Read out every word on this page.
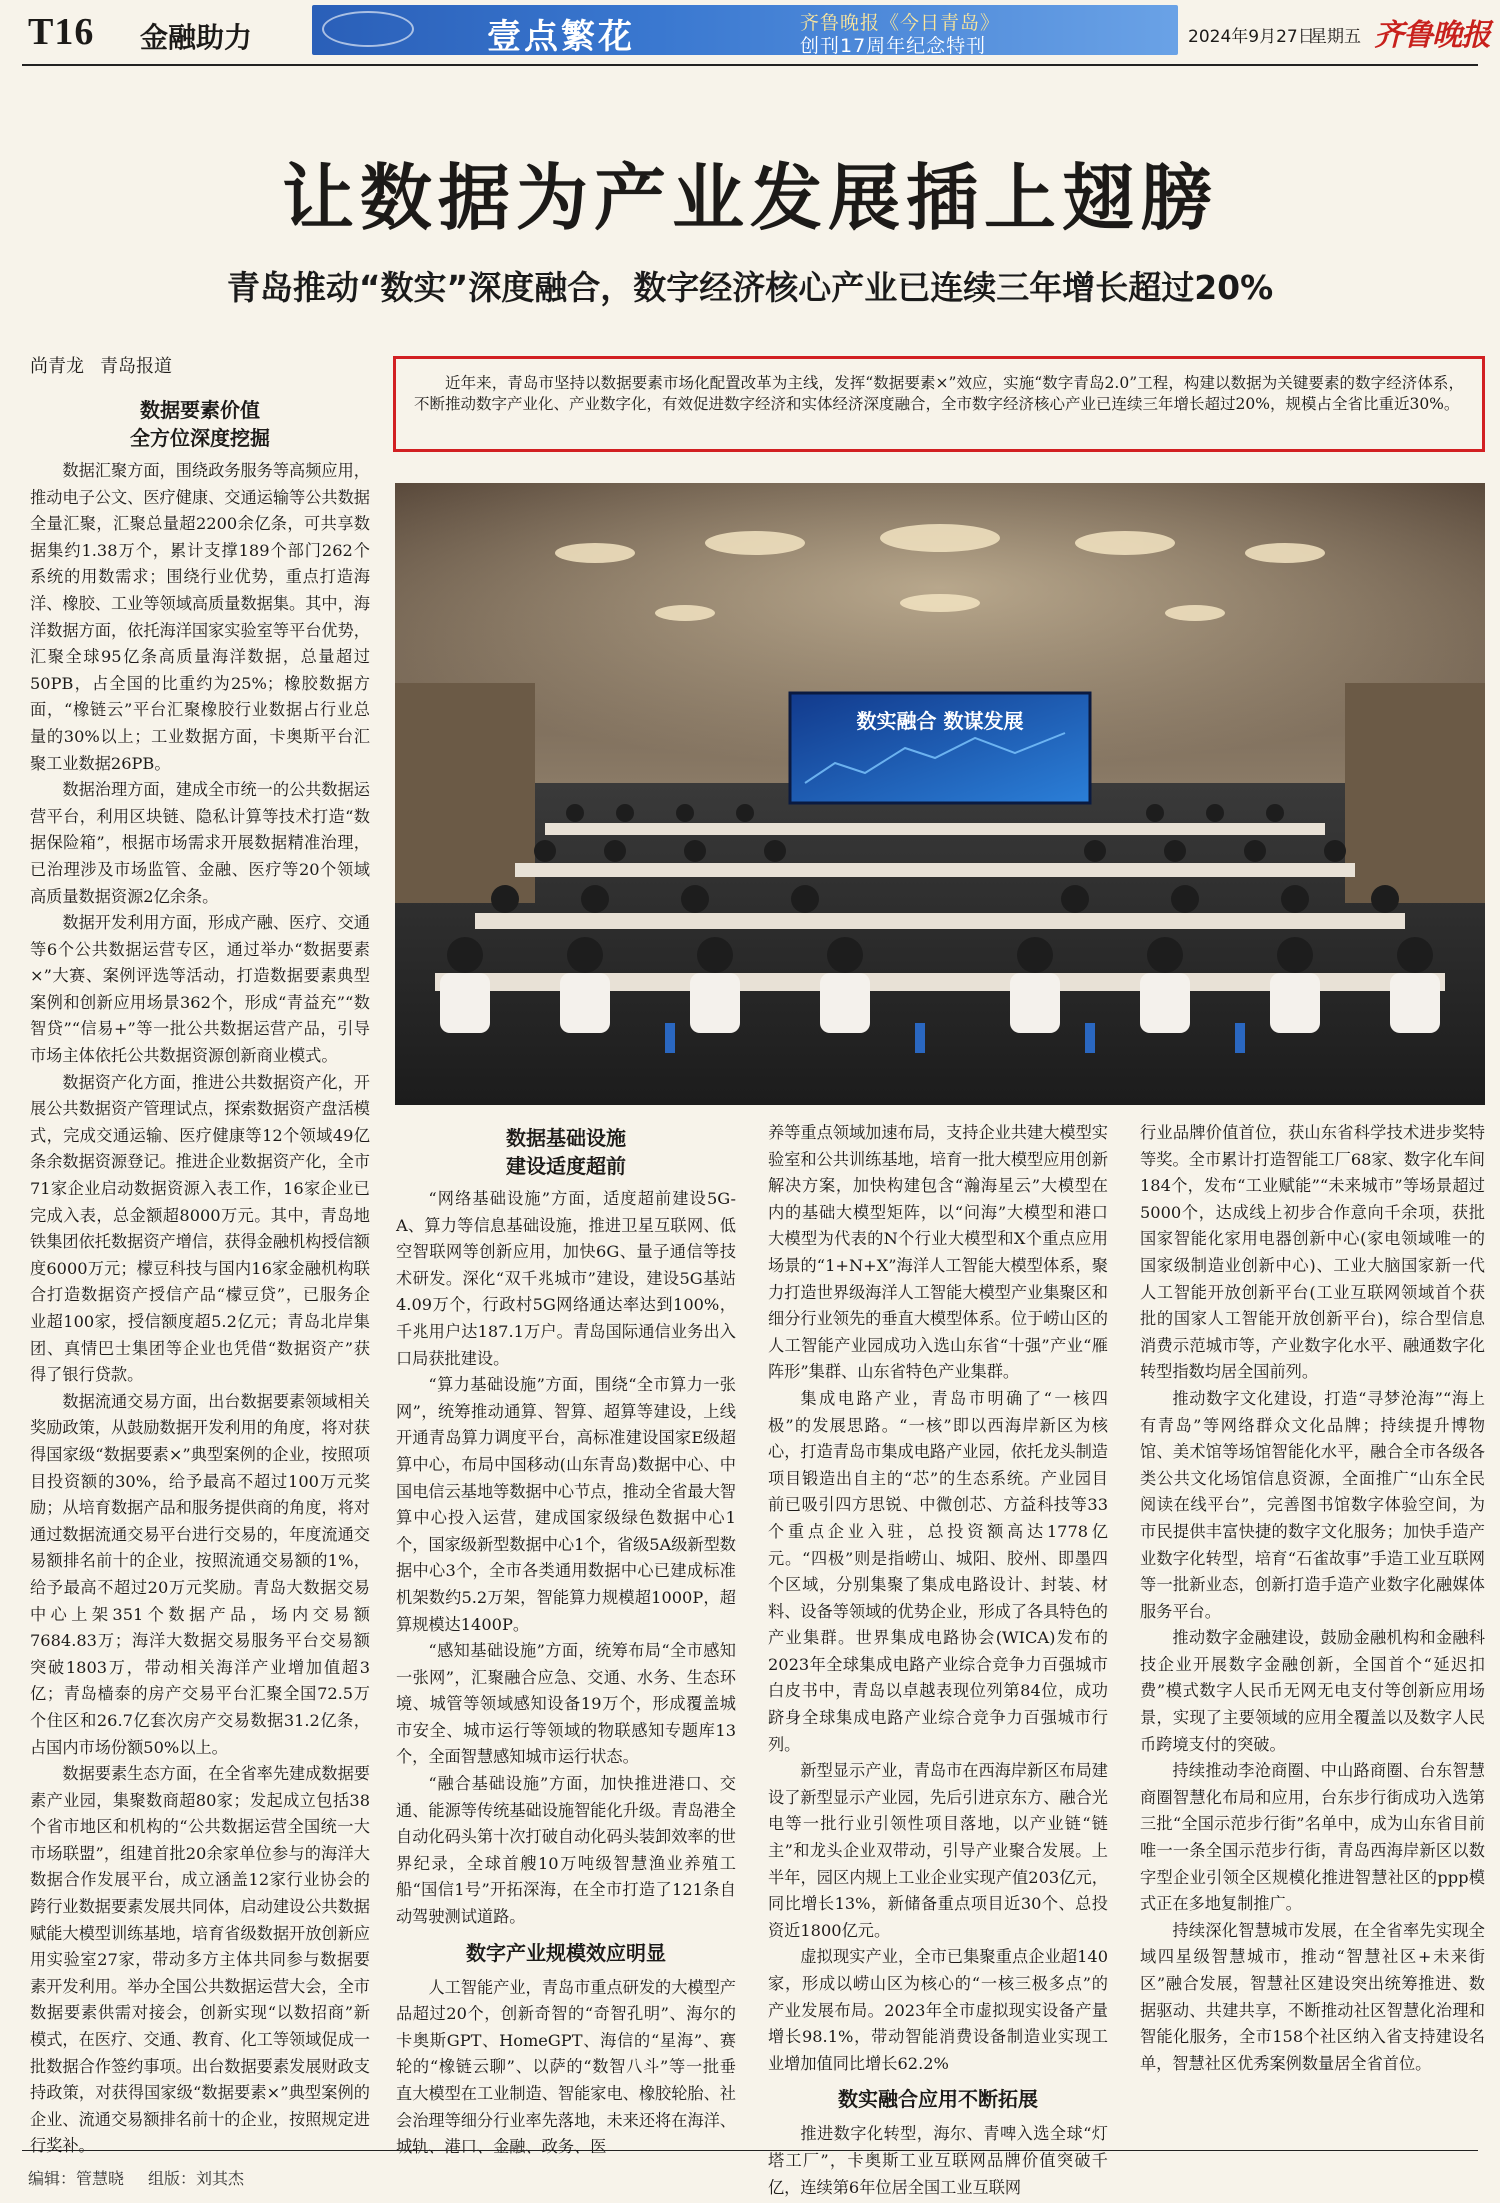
T16 金融助力	壹点繁花	齐鲁晚报《今日青岛》
创刊17周年纪念特刊	2024年9月27日
星期五 齐鲁晚报
让数据为产业发展插上翅膀
青岛推动“数实”深度融合，数字经济核心产业已连续三年增长超过20%
尚青龙 青岛报道
近年来，青岛市坚持以数据要素市场化配置改革为主线，发挥“数据要素×”效应，实施“数字青岛2.0”工程，构建以数据为关键要素的数字经济体系，不断推动数字产业化、产业数字化，有效促进数字经济和实体经济深度融合，全市数字经济核心产业已连续三年增长超过20%，规模占全省比重近30%。
数实融合 数谋发展
数据要素价值
全方位深度挖掘

数据汇聚方面，围绕政务服务等高频应用，推动电子公文、医疗健康、交通运输等公共数据全量汇聚，汇聚总量超2200余亿条，可共享数据集约1.38万个，累计支撑189个部门262个系统的用数需求；围绕行业优势，重点打造海洋、橡胶、工业等领域高质量数据集。其中，海洋数据方面，依托海洋国家实验室等平台优势，汇聚全球95亿条高质量海洋数据，总量超过50PB，占全国的比重约为25%；橡胶数据方面，“橡链云”平台汇聚橡胶行业数据占行业总量的30%以上；工业数据方面，卡奥斯平台汇聚工业数据26PB。

数据治理方面，建成全市统一的公共数据运营平台，利用区块链、隐私计算等技术打造“数据保险箱”，根据市场需求开展数据精准治理，已治理涉及市场监管、金融、医疗等20个领域高质量数据资源2亿余条。

数据开发利用方面，形成产融、医疗、交通等6个公共数据运营专区，通过举办“数据要素×”大赛、案例评选等活动，打造数据要素典型案例和创新应用场景362个，形成“青益充”“数智贷”“信易+”等一批公共数据运营产品，引导市场主体依托公共数据资源创新商业模式。

数据资产化方面，推进公共数据资产化，开展公共数据资产管理试点，探索数据资产盘活模式，完成交通运输、医疗健康等12个领域49亿条余数据资源登记。推进企业数据资产化，全市71家企业启动数据资源入表工作，16家企业已完成入表，总金额超8000万元。其中，青岛地铁集团依托数据资产增信，获得金融机构授信额度6000万元；檬豆科技与国内16家金融机构联合打造数据资产授信产品“檬豆贷”，已服务企业超100家，授信额度超5.2亿元；青岛北岸集团、真情巴士集团等企业也凭借“数据资产”获得了银行贷款。

数据流通交易方面，出台数据要素领域相关奖励政策，从鼓励数据开发利用的角度，将对获得国家级“数据要素×”典型案例的企业，按照项目投资额的30%，给予最高不超过100万元奖励；从培育数据产品和服务提供商的角度，将对通过数据流通交易平台进行交易的，年度流通交易额排名前十的企业，按照流通交易额的1%，给予最高不超过20万元奖励。青岛大数据交易中心上架351个数据产品，场内交易额7684.83万；海洋大数据交易服务平台交易额突破1803万，带动相关海洋产业增加值超3亿；青岛樯泰的房产交易平台汇聚全国72.5万个住区和26.7亿套次房产交易数据31.2亿条，占国内市场份额50%以上。

数据要素生态方面，在全省率先建成数据要素产业园，集聚数商超80家；发起成立包括38个省市地区和机构的“公共数据运营全国统一大市场联盟”，组建首批20余家单位参与的海洋大数据合作发展平台，成立涵盖12家行业协会的跨行业数据要素发展共同体，启动建设公共数据赋能大模型训练基地，培育省级数据开放创新应用实验室27家，带动多方主体共同参与数据要素开发利用。举办全国公共数据运营大会，全市数据要素供需对接会，创新实现“以数招商”新模式，在医疗、交通、教育、化工等领域促成一批数据合作签约事项。出台数据要素发展财政支持政策，对获得国家级“数据要素×”典型案例的企业、流通交易额排名前十的企业，按照规定进行奖补。

数据基础设施
建设适度超前

“网络基础设施”方面，适度超前建设5G-A、算力等信息基础设施，推进卫星互联网、低空智联网等创新应用，加快6G、量子通信等技术研发。深化“双千兆城市”建设，建设5G基站4.09万个，行政村5G网络通达率达到100%，千兆用户达187.1万户。青岛国际通信业务出入口局获批建设。

“算力基础设施”方面，围绕“全市算力一张网”，统筹推动通算、智算、超算等建设，上线开通青岛算力调度平台，高标准建设国家E级超算中心，布局中国移动(山东青岛)数据中心、中国电信云基地等数据中心节点，推动全省最大智算中心投入运营，建成国家级绿色数据中心1个，国家级新型数据中心1个，省级5A级新型数据中心3个，全市各类通用数据中心已建成标准机架数约5.2万架，智能算力规模超1000P，超算规模达1400P。

“感知基础设施”方面，统筹布局“全市感知一张网”，汇聚融合应急、交通、水务、生态环境、城管等领域感知设备19万个，形成覆盖城市安全、城市运行等领域的物联感知专题库13个，全面智慧感知城市运行状态。

“融合基础设施”方面，加快推进港口、交通、能源等传统基础设施智能化升级。青岛港全自动化码头第十次打破自动化码头装卸效率的世界纪录，全球首艘10万吨级智慧渔业养殖工船“国信1号”开拓深海，在全市打造了121条自动驾驶测试道路。

数字产业规模效应明显

人工智能产业，青岛市重点研发的大模型产品超过20个，创新奇智的“奇智孔明”、海尔的卡奥斯GPT、HomeGPT、海信的“星海”、赛轮的“橡链云聊”、以萨的“数智八斗”等一批垂直大模型在工业制造、智能家电、橡胶轮胎、社会治理等细分行业率先落地，未来还将在海洋、城轨、港口、金融、政务、医

养等重点领域加速布局，支持企业共建大模型实验室和公共训练基地，培育一批大模型应用创新解决方案，加快构建包含“瀚海星云”大模型在内的基础大模型矩阵，以“问海”大模型和港口大模型为代表的N个行业大模型和X个重点应用场景的“1+N+X”海洋人工智能大模型体系，聚力打造世界级海洋人工智能大模型产业集聚区和细分行业领先的垂直大模型体系。位于崂山区的人工智能产业园成功入选山东省“十强”产业“雁阵形”集群、山东省特色产业集群。

集成电路产业，青岛市明确了“一核四极”的发展思路。“一核”即以西海岸新区为核心，打造青岛市集成电路产业园，依托龙头制造项目锻造出自主的“芯”的生态系统。产业园目前已吸引四方思锐、中微创芯、方益科技等33个重点企业入驻，总投资额高达1778亿元。“四极”则是指崂山、城阳、胶州、即墨四个区域，分别集聚了集成电路设计、封装、材料、设备等领域的优势企业，形成了各具特色的产业集群。世界集成电路协会(WICA)发布的2023年全球集成电路产业综合竞争力百强城市白皮书中，青岛以卓越表现位列第84位，成功跻身全球集成电路产业综合竞争力百强城市行列。

新型显示产业，青岛市在西海岸新区布局建设了新型显示产业园，先后引进京东方、融合光电等一批行业引领性项目落地，以产业链“链主”和龙头企业双带动，引导产业聚合发展。上半年，园区内规上工业企业实现产值203亿元，同比增长13%，新储备重点项目近30个、总投资近1800亿元。

虚拟现实产业，全市已集聚重点企业超140家，形成以崂山区为核心的“一核三极多点”的产业发展布局。2023年全市虚拟现实设备产量增长98.1%，带动智能消费设备制造业实现工业增加值同比增长62.2%

数实融合应用不断拓展

推进数字化转型，海尔、青啤入选全球“灯塔工厂”，卡奥斯工业互联网品牌价值突破千亿，连续第6年位居全国工业互联网

行业品牌价值首位，获山东省科学技术进步奖特等奖。全市累计打造智能工厂68家、数字化车间184个，发布“工业赋能”“未来城市”等场景超过5000个，达成线上初步合作意向千余项，获批国家智能化家用电器创新中心(家电领域唯一的国家级制造业创新中心)、工业大脑国家新一代人工智能开放创新平台(工业互联网领域首个获批的国家人工智能开放创新平台)，综合型信息消费示范城市等，产业数字化水平、融通数字化转型指数均居全国前列。

推动数字文化建设，打造“寻梦沧海”“海上有青岛”等网络群众文化品牌；持续提升博物馆、美术馆等场馆智能化水平，融合全市各级各类公共文化场馆信息资源，全面推广“山东全民阅读在线平台”，完善图书馆数字体验空间，为市民提供丰富快捷的数字文化服务；加快手造产业数字化转型，培育“石雀故事”手造工业互联网等一批新业态，创新打造手造产业数字化融媒体服务平台。

推动数字金融建设，鼓励金融机构和金融科技企业开展数字金融创新，全国首个“延迟扣费”模式数字人民币无网无电支付等创新应用场景，实现了主要领域的应用全覆盖以及数字人民币跨境支付的突破。

持续推动李沧商圈、中山路商圈、台东智慧商圈智慧化布局和应用，台东步行街成功入选第三批“全国示范步行街”名单中，成为山东省目前唯一一条全国示范步行街，青岛西海岸新区以数字型企业引领全区规模化推进智慧社区的ppp模式正在多地复制推广。

持续深化智慧城市发展，在全省率先实现全域四星级智慧城市，推动“智慧社区+未来街区”融合发展，智慧社区建设突出统筹推进、数据驱动、共建共享，不断推动社区智慧化治理和智能化服务，全市158个社区纳入省支持建设名单，智慧社区优秀案例数量居全省首位。

编辑：管慧晓 组版：刘其杰
